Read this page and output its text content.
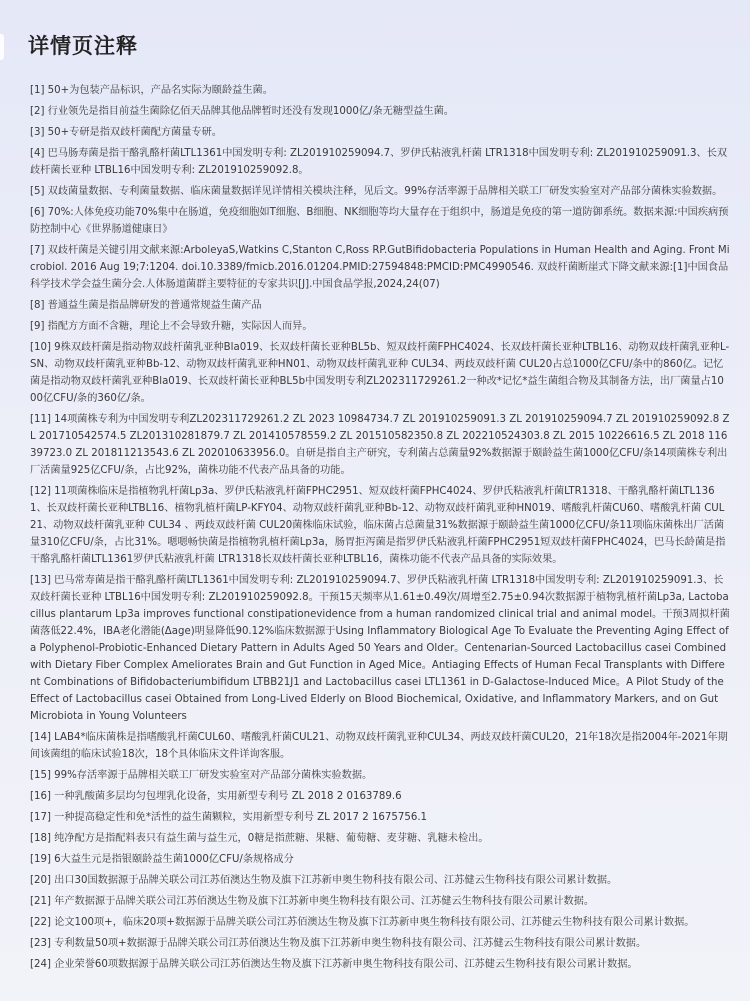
详情页注释

[1] 50+为包装产品标识，产品名实际为颐龄益生菌。

[2] 行业领先是指目前益生菌除亿佰天品牌其他品牌暂时还没有发现1000亿/条无糖型益生菌。

[3] 50+专研是指双歧杆菌配方菌量专研。

[4] 巴马肠寿菌是指干酪乳酪杆菌LTL1361中国发明专利: ZL201910259094.7、罗伊氏粘液乳杆菌 LTR1318中国发明专利: ZL201910259091.3、长双歧杆菌长亚种 LTBL16中国发明专利: ZL201910259092.8。

[5] 双歧菌量数据、专利菌量数据、临床菌量数据详见详情相关模块注释，见后文。99%存活率源于品牌相关联工厂研发实验室对产品部分菌株实验数据。

[6] 70%:人体免疫功能70%集中在肠道，免疫细胞如T细胞、B细胞、NK细胞等均大量存在于组织中，肠道是免疫的第一道防御系统。数据来源:中国疾病预防控制中心《世界肠道健康日》

[7] 双歧杆菌是关键引用文献来源:ArboleyaS,Watkins C,Stanton C,Ross RP.GutBifidobacteria Populations in Human Health and Aging. Front Microbiol. 2016 Aug 19;7:1204. doi.10.3389/fmicb.2016.01204.PMID:27594848:PMCID:PMC4990546. 双歧杆菌断崖式下降文献来源:[1]中国食品科学技术学会益生菌分会.人体肠道菌群主要特征的专家共识[J].中国食品学报,2024,24(07)

[8] 普通益生菌是指品牌研发的普通常规益生菌产品

[9] 指配方方面不含糖，理论上不会导致升糖，实际因人而异。

[10] 9株双歧杆菌是指动物双歧杆菌乳亚种Bla019、长双歧杆菌长亚种BL5b、短双歧杆菌FPHC4024、长双歧杆菌长亚种LTBL16、动物双歧杆菌乳亚种L-SN、动物双歧杆菌乳亚种Bb-12、动物双歧杆菌乳亚种HN01、动物双歧杆菌乳亚种 CUL34、两歧双歧杆菌 CUL20占总1000亿CFU/条中的860亿。记忆菌是指动物双歧杆菌乳亚种Bla019、长双歧杆菌长亚种BL5b中国发明专利ZL202311729261.2一种改*记忆*益生菌组合物及其制备方法，出厂菌量占1000亿CFU/条的360亿/条。

[11] 14项菌株专利为中国发明专利ZL202311729261.2 ZL 2023 10984734.7 ZL 201910259091.3 ZL 201910259094.7 ZL 201910259092.8 ZL 201710542574.5 ZL201310281879.7 ZL 201410578559.2 ZL 201510582350.8 ZL 202210524303.8 ZL 2015 10226616.5 ZL 2018 11639723.0 ZL 201811213543.6 ZL 202010633956.0。自研是指自主产研究，专利菌占总菌量92%数据源于颐龄益生菌1000亿CFU/条14项菌株专利出厂活菌量925亿CFU/条，占比92%，菌株功能不代表产品具备的功能。

[12] 11项菌株临床是指植物乳杆菌Lp3a、罗伊氏粘液乳杆菌FPHC2951、短双歧杆菌FPHC4024、罗伊氏粘液乳杆菌LTR1318、干酪乳酪杆菌LTL1361、长双歧杆菌长亚种LTBL16、植物乳植杆菌LP-KFY04、动物双歧杆菌乳亚种Bb-12、动物双歧杆菌乳亚种HN019、嗜酸乳杆菌CU60、嗜酸乳杆菌 CUL21、动物双歧杆菌乳亚种 CUL34 、两歧双歧杆菌 CUL20菌株临床试验，临床菌占总菌量31%数据源于颐龄益生菌1000亿CFU/条11项临床菌株出厂活菌量310亿CFU/条，占比31%。嗯嗯畅快菌是指植物乳植杆菌Lp3a，肠胃拒泻菌是指罗伊氏粘液乳杆菌FPHC2951短双歧杆菌FPHC4024，巴马长龄菌是指干酪乳酪杆菌LTL1361罗伊氏粘液乳杆菌 LTR1318长双歧杆菌长亚种LTBL16，菌株功能不代表产品具备的实际效果。

[13] 巴马常寿菌是指干酪乳酪杆菌LTL1361中国发明专利: ZL201910259094.7、罗伊氏粘液乳杆菌 LTR1318中国发明专利: ZL201910259091.3、长双歧杆菌长亚种 LTBL16中国发明专利: ZL201910259092.8。干预15天频率从1.61±0.49次/周增至2.75±0.94次数据源于植物乳植杆菌Lp3a, Lactobacillus plantarum Lp3a improves functional constipationevidence from a human randomized clinical trial and animal model。干预3周拟杆菌菌落低22.4%，IBA老化潜能(Δage)明显降低90.12%临床数据源于Using Inflammatory Biological Age To Evaluate the Preventing Aging Effect of a Polyphenol-Probiotic-Enhanced Dietary Pattern in Adults Aged 50 Years and Older。Centenarian-Sourced Lactobacillus casei Combined with Dietary Fiber Complex Ameliorates Brain and Gut Function in Aged Mice。Antiaging Effects of Human Fecal Transplants with Different Combinations of Bifidobacteriumbifidum LTBB21J1 and Lactobacillus casei LTL1361 in D-Galactose-Induced Mice。A Pilot Study of the Effect of Lactobacillus casei Obtained from Long-Lived Elderly on Blood Biochemical, Oxidative, and Inflammatory Markers, and on Gut Microbiota in Young Volunteers

[14] LAB4*临床菌株是指嗜酸乳杆菌CUL60、嗜酸乳杆菌CUL21、动物双歧杆菌乳亚种CUL34、两歧双歧杆菌CUL20，21年18次是指2004年-2021年期间该菌组的临床试验18次，18个具体临床文件详询客服。

[15] 99%存活率源于品牌相关联工厂研发实验室对产品部分菌株实验数据。

[16] 一种乳酸菌多层均匀包埋乳化设备，实用新型专利号 ZL 2018 2 0163789.6

[17] 一种提高稳定性和免*活性的益生菌颗粒，实用新型专利号 ZL 2017 2 1675756.1

[18] 纯净配方是指配料表只有益生菌与益生元，0糖是指蔗糖、果糖、葡萄糖、麦芽糖、乳糖未检出。

[19] 6大益生元是指银颐龄益生菌1000亿CFU/条规格成分

[20] 出口30国数据源于品牌关联公司江苏佰澳达生物及旗下江苏新申奥生物科技有限公司、江苏健云生物科技有限公司累计数据。

[21] 年产数据源于品牌关联公司江苏佰澳达生物及旗下江苏新申奥生物科技有限公司、江苏健云生物科技有限公司累计数据。

[22] 论文100项+，临床20项+数据源于品牌关联公司江苏佰澳达生物及旗下江苏新申奥生物科技有限公司、江苏健云生物科技有限公司累计数据。

[23] 专利数量50项+数据源于品牌关联公司江苏佰澳达生物及旗下江苏新申奥生物科技有限公司、江苏健云生物科技有限公司累计数据。

[24] 企业荣誉60项数据源于品牌关联公司江苏佰澳达生物及旗下江苏新申奥生物科技有限公司、江苏健云生物科技有限公司累计数据。
